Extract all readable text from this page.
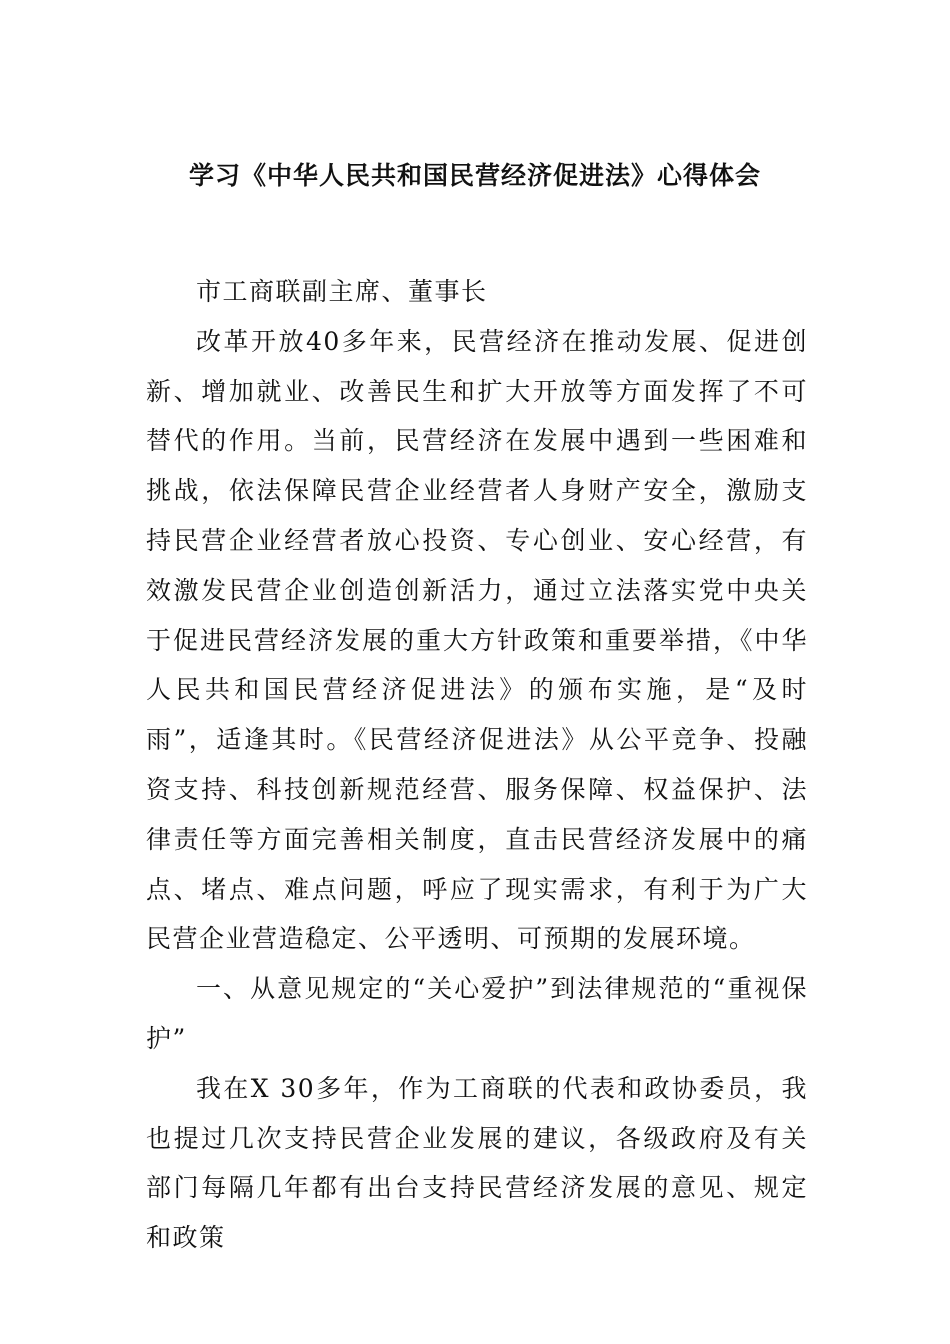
学习《中华人民共和国民营经济促进法》心得体会

市工商联副主席、董事长

改革开放40多年来，民营经济在推动发展、促进创新、增加就业、改善民生和扩大开放等方面发挥了不可替代的作用。当前，民营经济在发展中遇到一些困难和挑战，依法保障民营企业经营者人身财产安全，激励支持民营企业经营者放心投资、专心创业、安心经营，有效激发民营企业创造创新活力，通过立法落实党中央关于促进民营经济发展的重大方针政策和重要举措，《中华人民共和国民营经济促进法》的颁布实施，是“及时雨”，适逢其时。《民营经济促进法》从公平竞争、投融资支持、科技创新规范经营、服务保障、权益保护、法律责任等方面完善相关制度，直击民营经济发展中的痛点、堵点、难点问题，呼应了现实需求，有利于为广大民营企业营造稳定、公平透明、可预期的发展环境。

一、从意见规定的“关心爱护”到法律规范的“重视保护”

我在X 30多年，作为工商联的代表和政协委员，我也提过几次支持民营企业发展的建议，各级政府及有关部门每隔几年都有出台支持民营经济发展的意见、规定和政策
